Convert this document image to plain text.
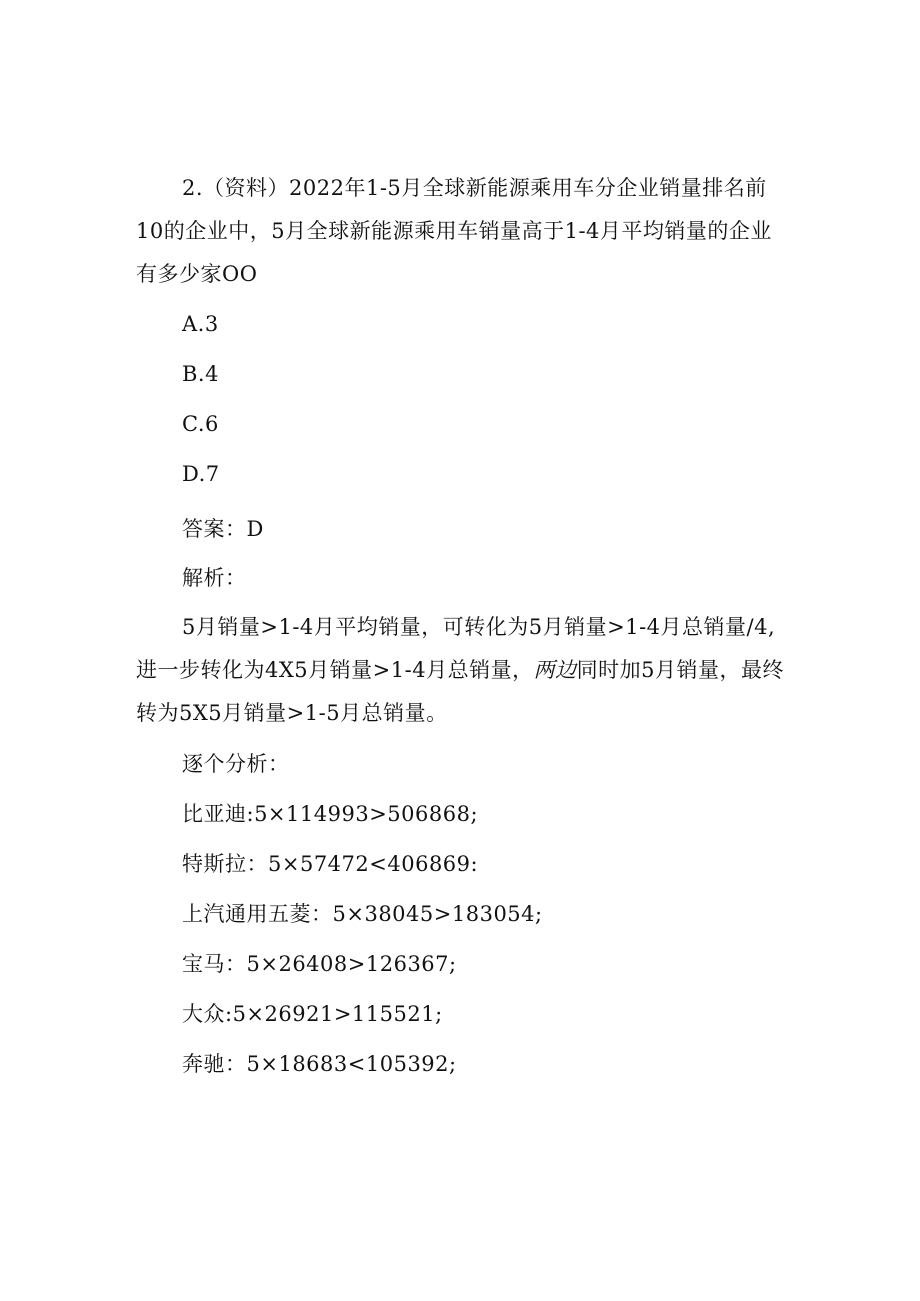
2.（资料）2022年1-5月全球新能源乘用车分企业销量排名前10的企业中，5月全球新能源乘用车销量高于1-4月平均销量的企业有多少家OO
A.3
B.4
C.6
D.7
答案：D
解析：
5月销量>1-4月平均销量，可转化为5月销量>1-4月总销量/4,进一步转化为4X5月销量>1-4月总销量，两边同时加5月销量，最终转为5X5月销量>1-5月总销量。
逐个分析：
比亚迪:5×114993>506868;
特斯拉：5×57472<406869:
上汽通用五菱：5×38045>183054;
宝马：5×26408>126367;
大众:5×26921>115521;
奔驰：5×18683<105392;
